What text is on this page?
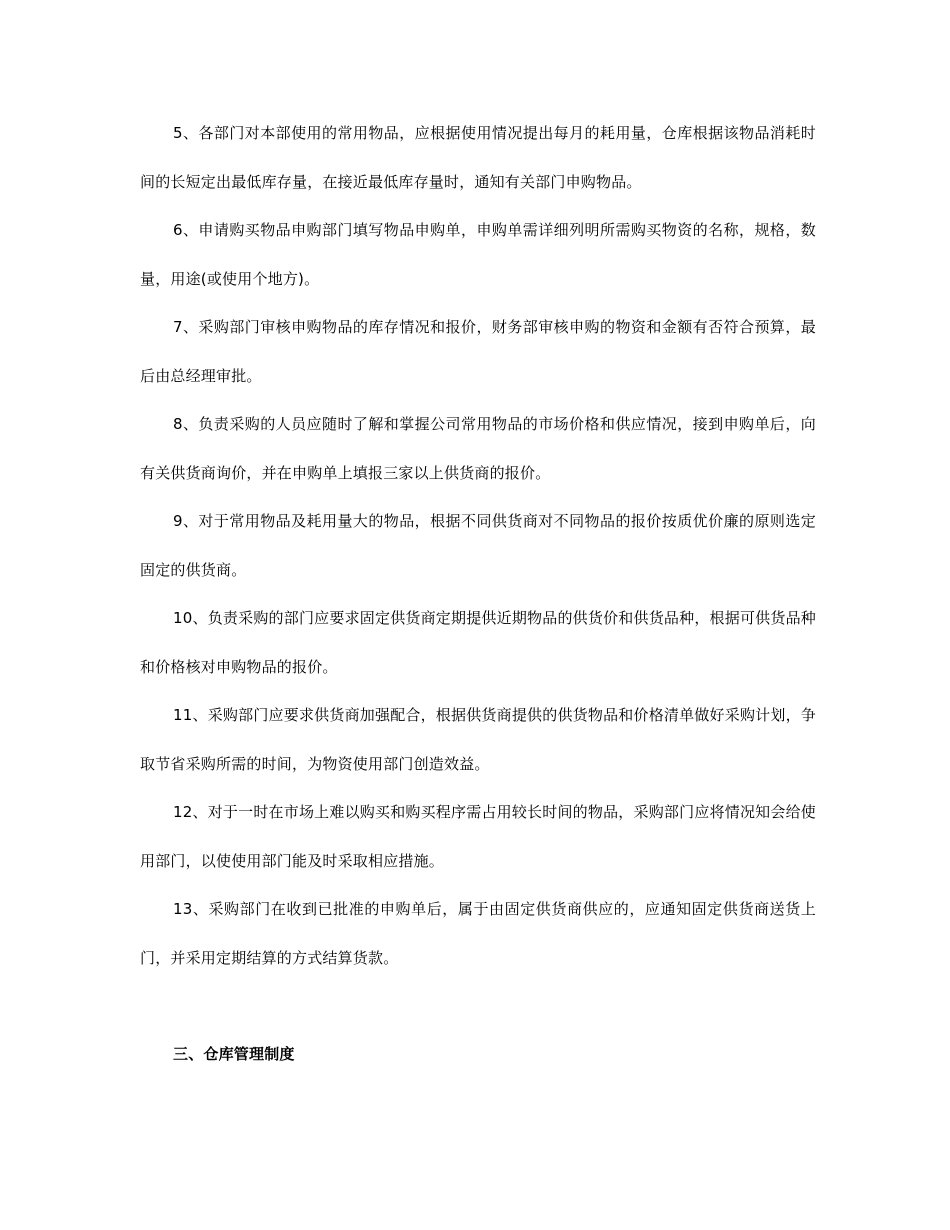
5、各部门对本部使用的常用物品，应根据使用情况提出每月的耗用量，仓库根据该物品消耗时间的长短定出最低库存量，在接近最低库存量时，通知有关部门申购物品。

6、申请购买物品申购部门填写物品申购单，申购单需详细列明所需购买物资的名称，规格，数量，用途(或使用个地方)。

7、采购部门审核申购物品的库存情况和报价，财务部审核申购的物资和金额有否符合预算，最后由总经理审批。

8、负责采购的人员应随时了解和掌握公司常用物品的市场价格和供应情况，接到申购单后，向有关供货商询价，并在申购单上填报三家以上供货商的报价。

9、对于常用物品及耗用量大的物品，根据不同供货商对不同物品的报价按质优价廉的原则选定固定的供货商。

10、负责采购的部门应要求固定供货商定期提供近期物品的供货价和供货品种，根据可供货品种和价格核对申购物品的报价。

11、采购部门应要求供货商加强配合，根据供货商提供的供货物品和价格清单做好采购计划，争取节省采购所需的时间，为物资使用部门创造效益。

12、对于一时在市场上难以购买和购买程序需占用较长时间的物品，采购部门应将情况知会给使用部门，以使使用部门能及时采取相应措施。

13、采购部门在收到已批准的申购单后，属于由固定供货商供应的，应通知固定供货商送货上门，并采用定期结算的方式结算货款。

三、仓库管理制度
